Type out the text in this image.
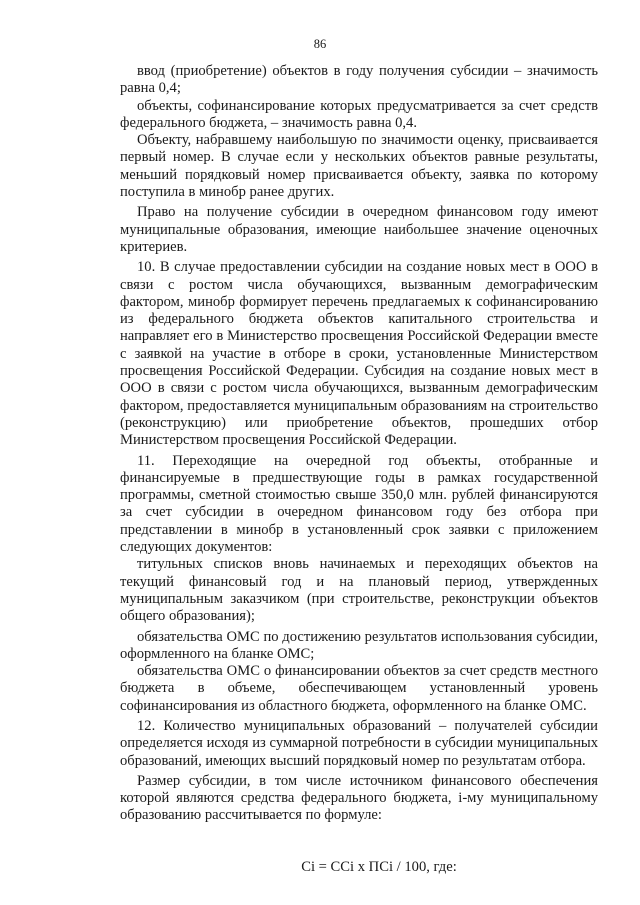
86

ввод (приобретение) объектов в году получения субсидии – значимость равна 0,4;

объекты, софинансирование которых предусматривается за счет средств федерального бюджета, – значимость равна 0,4.

Объекту, набравшему наибольшую по значимости оценку, присваивается первый номер. В случае если у нескольких объектов равные результаты, меньший порядковый номер присваивается объекту, заявка по которому поступила в минобр ранее других.

Право на получение субсидии в очередном финансовом году имеют муниципальные образования, имеющие наибольшее значение оценочных критериев.

10. В случае предоставлении субсидии на создание новых мест в ООО в связи с ростом числа обучающихся, вызванным демографическим фактором, минобр формирует перечень предлагаемых к софинансированию из федерального бюджета объектов капитального строительства и направляет его в Министерство просвещения Российской Федерации вместе с заявкой на участие в отборе в сроки, установленные Министерством просвещения Российской Федерации. Субсидия на создание новых мест в ООО в связи с ростом числа обучающихся, вызванным демографическим фактором, предоставляется муниципальным образованиям на строительство (реконструкцию) или приобретение объектов, прошедших отбор Министерством просвещения Российской Федерации.

11. Переходящие на очередной год объекты, отобранные и финансируемые в предшествующие годы в рамках государственной программы, сметной стоимостью свыше 350,0 млн. рублей финансируются за счет субсидии в очередном финансовом году без отбора при представлении в минобр в установленный срок заявки с приложением следующих документов:

титульных списков вновь начинаемых и переходящих объектов на текущий финансовый год и на плановый период, утвержденных муниципальным заказчиком (при строительстве, реконструкции объектов общего образования);

обязательства ОМС по достижению результатов использования субсидии, оформленного на бланке ОМС;

обязательства ОМС о финансировании объектов за счет средств местного бюджета в объеме, обеспечивающем установленный уровень софинансирования из областного бюджета, оформленного на бланке ОМС.

12. Количество муниципальных образований – получателей субсидии определяется исходя из суммарной потребности в субсидии муниципальных образований, имеющих высший порядковый номер по результатам отбора.

Размер субсидии, в том числе источником финансового обеспечения которой являются средства федерального бюджета, i-му муниципальному образованию рассчитывается по формуле:

Ci = CCi x ПCi / 100, где:
